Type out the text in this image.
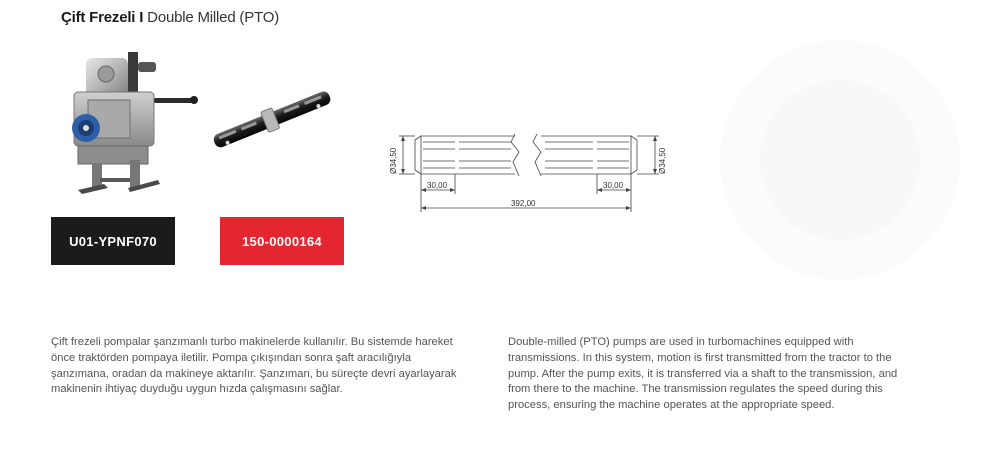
Çift Frezeli I Double Milled (PTO)
U01-YPNF070	150-0000164
Ø34,50	Ø34,50
30,00	30,00
392,00
Çift frezeli pompalar şanzımanlı turbo makinelerde kullanılır. Bu sistemde hareket önce traktörden pompaya iletilir. Pompa çıkışından sonra şaft aracılığıyla şanzımana, oradan da makineye aktarılır. Şanzıman, bu süreçte devri ayarlayarak makinenin ihtiyaç duyduğu uygun hızda çalışmasını sağlar.
Double-milled (PTO) pumps are used in turbomachines equipped with transmissions. In this system, motion is first transmitted from the tractor to the pump. After the pump exits, it is transferred via a shaft to the transmission, and from there to the machine. The transmission regulates the speed during this process, ensuring the machine operates at the appropriate speed.
